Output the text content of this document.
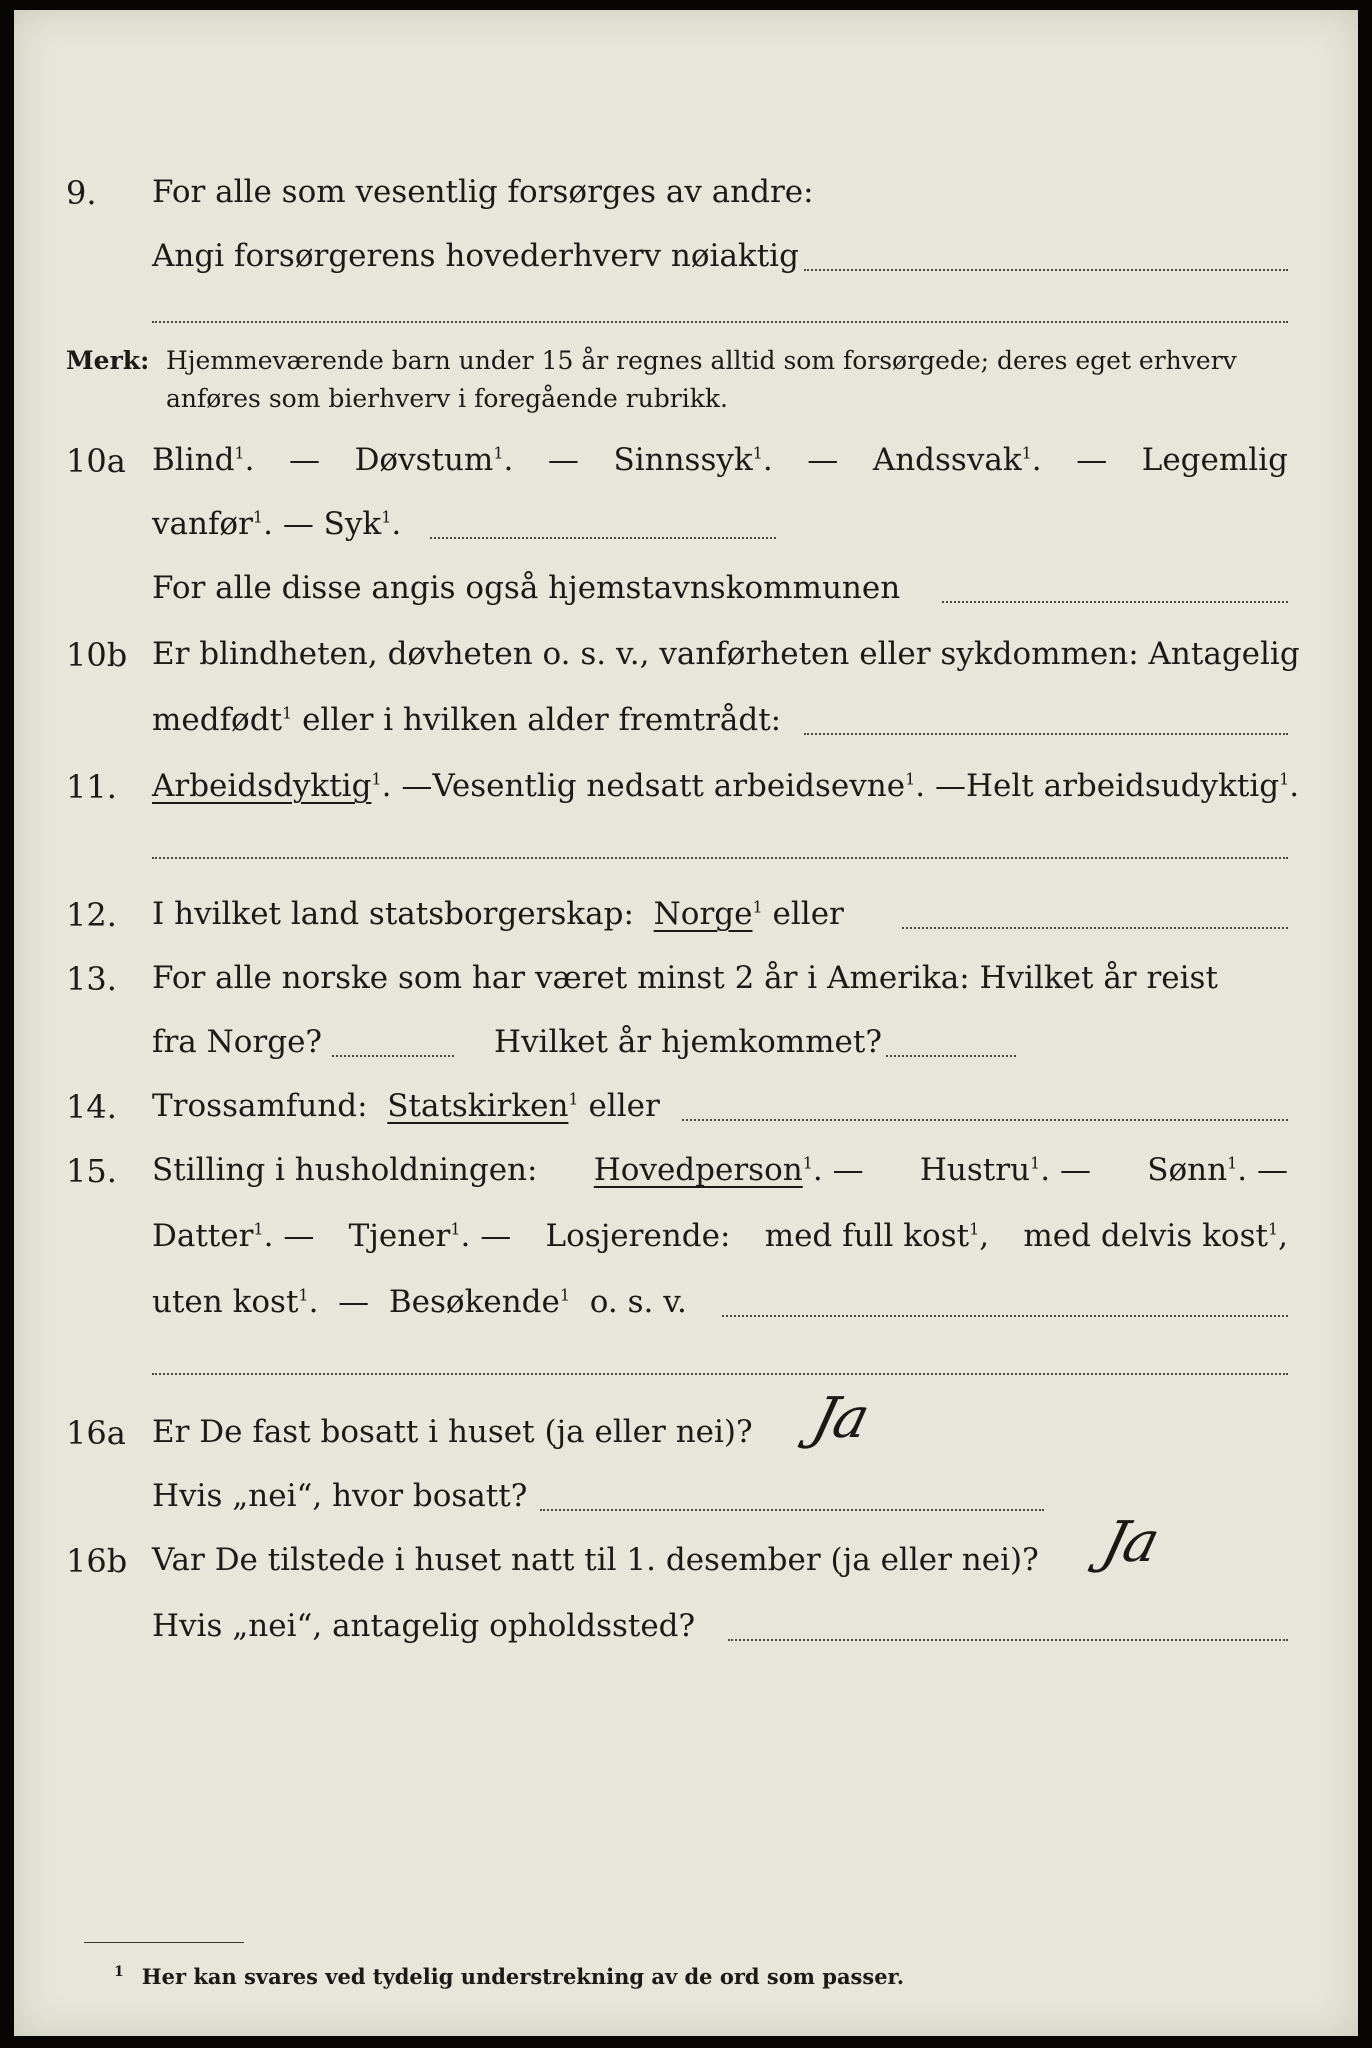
9. For alle som vesentlig forsørges av andre:
Angi forsørgerens hovederhverv nøiaktig
Merk: Hjemmeværende barn under 15 år regnes alltid som forsørgede; deres eget erhverv
anføres som bierhverv i foregående rubrikk.
10a Blind$^1$. — Døvstum$^1$. — Sinnssyk$^1$. — Andssvak$^1$. — Legemlig
vanfør$^1$. — Syk$^1$.
For alle disse angis også hjemstavnskommunen
10b Er blindheten, døvheten o. s. v., vanførheten eller sykdommen: Antagelig
medfødt$^1$ eller i hvilken alder fremtrådt:
11. Arbeidsdyktig$^1$. — Vesentlig nedsatt arbeidsevne$^1$. — Helt arbeidsudyktig$^1$.
12. I hvilket land statsborgerskap: Norge$^1$ eller
13. For alle norske som har været minst 2 år i Amerika: Hvilket år reist
fra Norge?	Hvilket år hjemkommet?
14. Trossamfund: Statskirken$^1$ eller
15. Stilling i husholdningen: Hovedperson$^1$. — Hustru$^1$. — Sønn$^1$. —
Datter$^1$. — Tjener$^1$. — Losjerende: med full kost$^1$, med delvis kost$^1$,
uten kost$^1$.  —  Besøkende$^1$ o. s. v.
16a Er De fast bosatt i huset (ja eller nei)? Ja
Hvis „nei“, hvor bosatt?
16b Var De tilstede i huset natt til 1. desember (ja eller nei)? Ja
Hvis „nei“, antagelig opholdssted?
$^1$ Her kan svares ved tydelig understrekning av de ord som passer.
